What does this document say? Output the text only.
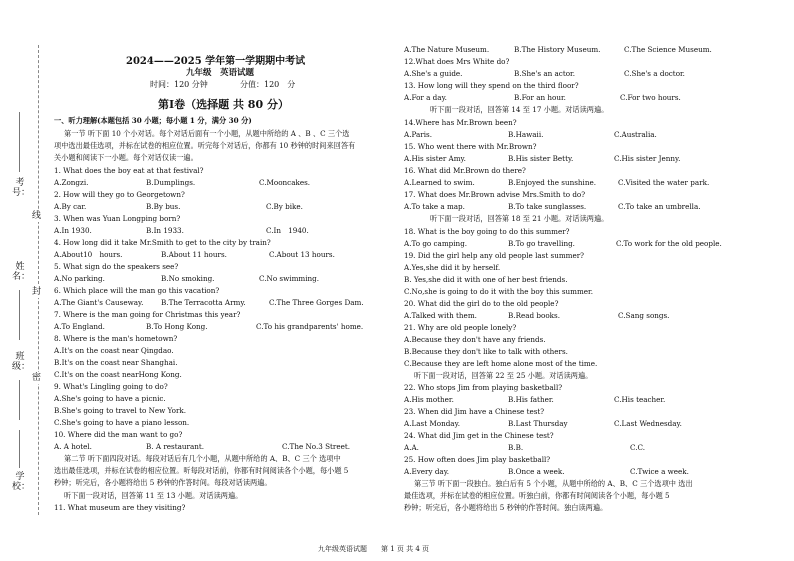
考号：
线
姓名：
封
班级：
密
学校：
2024——2025 学年第一学期期中考试
九年级　英语试题
时间：120 分钟	分值：120　分
第Ⅰ卷（选择题 共 80 分）
一、听力理解(本题包括 30 小题；每小题 1 分，满分 30 分)
第一节 听下面 10 个小对话。每个对话后面有一个小题，从题中所给的 A 、B 、C 三个选
项中选出最佳选项，并标在试卷的相应位置。听完每个对话后，你都有 10 秒钟的时间来回答有
关小题和阅读下一小题。每个对话仅读一遍。
1. What does the boy eat at that festival?
A.Zongzi.	B.Dumplings.	C.Mooncakes.
2. How will they go to Georgetown?
A.By car.	B.By bus.	C.By bike.
3. When was Yuan Longping born?
A.In 1930.	B.In 1933.	C.In　1940.
4. How long did it take Mr.Smith to get to the city by train?
A.About10　hours.	B.About 11 hours.	C.About 13 hours.
5. What sign do the speakers see?
A.No parking.	B.No smoking.	C.No swimming.
6. Which place will the man go this vacation?
A.The Giant's Causeway. B.The Terracotta Army.	C.The Three Gorges Dam.
7. Where is the man going for Christmas this year?
A.To England.	B.To Hong Kong.	C.To his grandparents' home.
8. Where is the man's hometown?
A.It's on the coast near Qingdao.
B.It's on the coast near Shanghai.
C.It's on the coast nearHong Kong.
9. What's Lingling going to do?
A.She's going to have a picnic.
B.She's going to travel to New York.
C.She's going to have a piano lesson.
10. Where did the man want to go?
A. A hotel.	B. A restaurant.	C.The No.3 Street.
第二节 听下面四段对话。每段对话后有几个小题，从题中所给的 A、B、C 三个 选项中
选出最佳选项，并标在试卷的相应位置。听每段对话前，你都有时间阅读各个小题，每小题 5
秒钟；听完后，各小题将给出 5 秒钟的作答时间。每段对话读两遍。
听下面一段对话，回答第 11 至 13 小题。对话读两遍。
11. What museum are they visiting?
A.The Nature Museum.	B.The History Museum.	C.The Science Museum.
12.What does Mrs White do?
A.She's a guide.	B.She's an actor.	C.She's a doctor.
13. How long will they spend on the third floor?
A.For a day.	B.For an hour.	C.For two hours.
听下面一段对话，回答第 14 至 17 小题。对话读两遍。
14.Where has Mr.Brown been?
A.Paris.	B.Hawaii.	C.Australia.
15. Who went there with Mr.Brown?
A.His sister Amy.	B.His sister Betty.	C.His sister Jenny.
16. What did Mr.Brown do there?
A.Learned to swim.	B.Enjoyed the sunshine.	C.Visited the water park.
17. What does Mr.Brown advise Mrs.Smith to do?
A.To take a map.	B.To take sunglasses.	C.To take an umbrella.
听下面一段对话，回答第 18 至 21 小题。对话读两遍。
18. What is the boy going to do this summer?
A.To go camping.	B.To go travelling.	C.To work for the old people.
19. Did the girl help any old people last summer?
A.Yes,she did it by herself.
B. Yes,she did it with one of her best friends.
C.No,she is going to do it with the boy this summer.
20. What did the girl do to the old people?
A.Talked with them.	B.Read books.	C.Sang songs.
21. Why are old people lonely?
A.Because they don't have any friends.
B.Because they don't like to talk with others.
C.Because they are left home alone most of the time.
听下面一段对话，回答第 22 至 25 小题。对话读两遍。
22. Who stops Jim from playing basketball?
A.His mother.	B.His father.	C.His teacher.
23. When did Jim have a Chinese test?
A.Last Monday.	B.Last Thursday	C.Last Wednesday.
24. What did Jim get in the Chinese test?
A.A.	B.B.	C.C.
25. How often does Jim play basketball?
A.Every day.	B.Once a week.	C.Twice a week.
第三节 听下面一段独白。独白后有 5 个小题，从题中所给的 A、B、C 三个选项中 选出
最佳选项，并标在试卷的相应位置。听独白前，你都有时间阅读各个小题，每小题 5
秒钟；听完后，各小题将给出 5 秒钟的作答时间。独白读两遍。
九年级英语试题　　第 1 页 共 4 页
